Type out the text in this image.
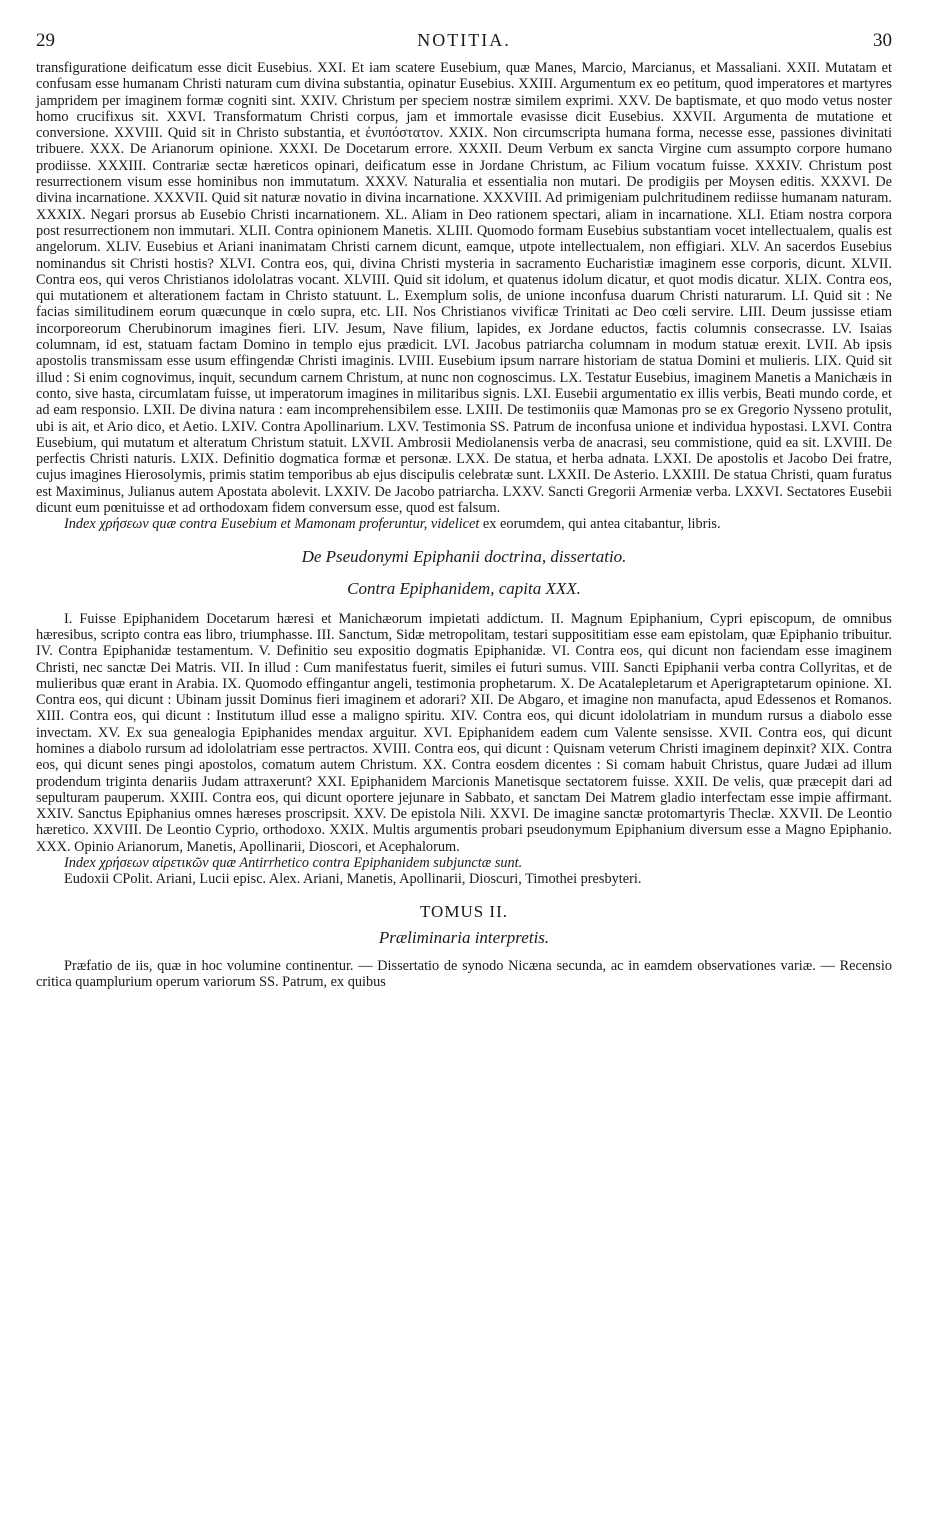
29	NOTITIA.	30

transfiguratione deificatum esse dicit Eusebius. XXI. Et iam scatere Eusebium, quæ Manes, Marcio, Marcianus, et Massaliani. XXII. Mutatam et confusam esse humanam Christi naturam cum divina substantia, opinatur Eusebius. XXIII. Argumentum ex eo petitum, quod imperatores et martyres jampridem per imaginem formæ cogniti sint. XXIV. Christum per speciem nostræ similem exprimi. XXV. De baptismate, et quo modo vetus noster homo crucifixus sit. XXVI. Transformatum Christi corpus, jam et immortale evasisse dicit Eusebius. XXVII. Argumenta de mutatione et conversione. XXVIII. Quid sit in Christo substantia, et ἐνυπόστατον. XXIX. Non circumscripta humana forma, necesse esse, passiones divinitati tribuere. XXX. De Arianorum opinione. XXXI. De Docetarum errore. XXXII. Deum Verbum ex sancta Virgine cum assumpto corpore humano prodiisse. XXXIII. Contrariæ sectæ hæreticos opinari, deificatum esse in Jordane Christum, ac Filium vocatum fuisse. XXXIV. Christum post resurrectionem visum esse hominibus non immutatum. XXXV. Naturalia et essentialia non mutari. De prodigiis per Moysen editis. XXXVI. De divina incarnatione. XXXVII. Quid sit naturæ novatio in divina incarnatione. XXXVIII. Ad primigeniam pulchritudinem rediisse humanam naturam. XXXIX. Negari prorsus ab Eusebio Christi incarnationem. XL. Aliam in Deo rationem spectari, aliam in incarnatione. XLI. Etiam nostra corpora post resurrectionem non immutari. XLII. Contra opinionem Manetis. XLIII. Quomodo formam Eusebius substantiam vocet intellectualem, qualis est angelorum. XLIV. Eusebius et Ariani inanimatam Christi carnem dicunt, eamque, utpote intellectualem, non effigiari. XLV. An sacerdos Eusebius nominandus sit Christi hostis? XLVI. Contra eos, qui, divina Christi mysteria in sacramento Eucharistiæ imaginem esse corporis, dicunt. XLVII. Contra eos, qui veros Christianos idololatras vocant. XLVIII. Quid sit idolum, et quatenus idolum dicatur, et quot modis dicatur. XLIX. Contra eos, qui mutationem et alterationem factam in Christo statuunt. L. Exemplum solis, de unione inconfusa duarum Christi naturarum. LI. Quid sit : Ne facias similitudinem eorum quæcunque in cœlo supra, etc. LII. Nos Christianos vivificæ Trinitati ac Deo cœli servire. LIII. Deum jussisse etiam incorporeorum Cherubinorum imagines fieri. LIV. Jesum, Nave filium, lapides, ex Jordane eductos, factis columnis consecrasse. LV. Isaias columnam, id est, statuam factam Domino in templo ejus prædicit. LVI. Jacobus patriarcha columnam in modum statuæ erexit. LVII. Ab ipsis apostolis transmissam esse usum effingendæ Christi imaginis. LVIII. Eusebium ipsum narrare historiam de statua Domini et mulieris. LIX. Quid sit illud : Si enim cognovimus, inquit, secundum carnem Christum, at nunc non cognoscimus. LX. Testatur Eusebius, imaginem Manetis a Manichæis in conto, sive hasta, circumlatam fuisse, ut imperatorum imagines in militaribus signis. LXI. Eusebii argumentatio ex illis verbis, Beati mundo corde, et ad eam responsio. LXII. De divina natura : eam incomprehensibilem esse. LXIII. De testimoniis quæ Mamonas pro se ex Gregorio Nysseno protulit, ubi is ait, et Ario dico, et Aetio. LXIV. Contra Apollinarium. LXV. Testimonia SS. Patrum de inconfusa unione et individua hypostasi. LXVI. Contra Eusebium, qui mutatum et alteratum Christum statuit. LXVII. Ambrosii Mediolanensis verba de anacrasi, seu commistione, quid ea sit. LXVIII. De perfectis Christi naturis. LXIX. Definitio dogmatica formæ et personæ. LXX. De statua, et herba adnata. LXXI. De apostolis et Jacobo Dei fratre, cujus imagines Hierosolymis, primis statim temporibus ab ejus discipulis celebratæ sunt. LXXII. De Asterio. LXXIII. De statua Christi, quam furatus est Maximinus, Julianus autem Apostata abolevit. LXXIV. De Jacobo patriarcha. LXXV. Sancti Gregorii Armeniæ verba. LXXVI. Sectatores Eusebii dicunt eum pœnituisse et ad orthodoxam fidem conversum esse, quod est falsum.

Index χρήσεων quæ contra Eusebium et Mamonam proferuntur, videlicet ex eorumdem, qui antea citabantur, libris.

De Pseudonymi Epiphanii doctrina, dissertatio.
Contra Epiphanidem, capita XXX.

I. Fuisse Epiphanidem Docetarum hæresi et Manichæorum impietati addictum. II. Magnum Epiphanium, Cypri episcopum, de omnibus hæresibus, scripto contra eas libro, triumphasse. III. Sanctum, Sidæ metropolitam, testari supposititiam esse eam epistolam, quæ Epiphanio tribuitur. IV. Contra Epiphanidæ testamentum. V. Definitio seu expositio dogmatis Epiphanidæ. VI. Contra eos, qui dicunt non faciendam esse imaginem Christi, nec sanctæ Dei Matris. VII. In illud : Cum manifestatus fuerit, similes ei futuri sumus. VIII. Sancti Epiphanii verba contra Collyritas, et de mulieribus quæ erant in Arabia. IX. Quomodo effingantur angeli, testimonia prophetarum. X. De Acatalepletarum et Aperigraptetarum opinione. XI. Contra eos, qui dicunt : Ubinam jussit Dominus fieri imaginem et adorari? XII. De Abgaro, et imagine non manufacta, apud Edessenos et Romanos. XIII. Contra eos, qui dicunt : Institutum illud esse a maligno spiritu. XIV. Contra eos, qui dicunt idololatriam in mundum rursus a diabolo esse invectam. XV. Ex sua genealogia Epiphanides mendax arguitur. XVI. Epiphanidem eadem cum Valente sensisse. XVII. Contra eos, qui dicunt homines a diabolo rursum ad idololatriam esse pertractos. XVIII. Contra eos, qui dicunt : Quisnam veterum Christi imaginem depinxit? XIX. Contra eos, qui dicunt senes pingi apostolos, comatum autem Christum. XX. Contra eosdem dicentes : Si comam habuit Christus, quare Judæi ad illum prodendum triginta denariis Judam attraxerunt? XXI. Epiphanidem Marcionis Manetisque sectatorem fuisse. XXII. De velis, quæ præcepit dari ad sepulturam pauperum. XXIII. Contra eos, qui dicunt oportere jejunare in Sabbato, et sanctam Dei Matrem gladio interfectam esse impie affirmant. XXIV. Sanctus Epiphanius omnes hæreses proscripsit. XXV. De epistola Nili. XXVI. De imagine sanctæ protomartyris Theclæ. XXVII. De Leontio hæretico. XXVIII. De Leontio Cyprio, orthodoxo. XXIX. Multis argumentis probari pseudonymum Epiphanium diversum esse a Magno Epiphanio. XXX. Opinio Arianorum, Manetis, Apollinarii, Dioscori, et Acephalorum.

Index χρήσεων αἱρετικῶν quæ Antirrhetico contra Epiphanidem subjunctæ sunt.

Eudoxii CPolit. Ariani, Lucii episc. Alex. Ariani, Manetis, Apollinarii, Dioscuri, Timothei presbyteri.

TOMUS II.
Præliminaria interpretis.

Præfatio de iis, quæ in hoc volumine continentur. — Dissertatio de synodo Nicæna secunda, ac in eamdem observationes variæ. — Recensio critica quamplurium operum variorum SS. Patrum, ex quibus
